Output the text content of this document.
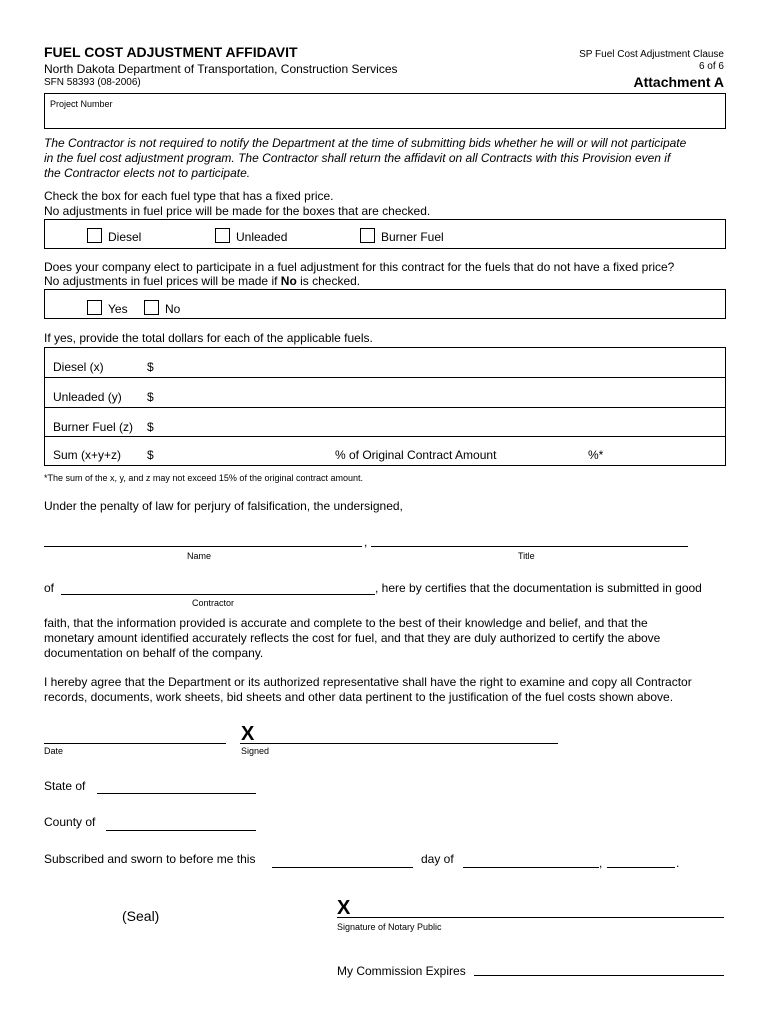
FUEL COST ADJUSTMENT AFFIDAVIT
North Dakota Department of Transportation, Construction Services
SFN 58393 (08-2006)
SP Fuel Cost Adjustment Clause
6 of 6
Attachment A
Project Number
The Contractor is not required to notify the Department at the time of submitting bids whether he will or will not participate
in the fuel cost adjustment program. The Contractor shall return the affidavit on all Contracts with this Provision even if
the Contractor elects not to participate.
Check the box for each fuel type that has a fixed price.
No adjustments in fuel price will be made for the boxes that are checked.
Diesel	Unleaded	Burner Fuel
Does your company elect to participate in a fuel adjustment for this contract for the fuels that do not have a fixed price?
No adjustments in fuel prices will be made if No is checked.
Yes	No
If yes, provide the total dollars for each of the applicable fuels.
Diesel (x)	$
Unleaded (y) $
Burner Fuel (z) $
Sum (x+y+z) $	% of Original Contract Amount	%*
*The sum of the x, y, and z may not exceed 15% of the original contract amount.
Under the penalty of law for perjury of falsification, the undersigned,
,
Name	Title
of	, here by certifies that the documentation is submitted in good
Contractor
faith, that the information provided is accurate and complete to the best of their knowledge and belief, and that the
monetary amount identified accurately reflects the cost for fuel, and that they are duly authorized to certify the above
documentation on behalf of the company.
I hereby agree that the Department or its authorized representative shall have the right to examine and copy all Contractor
records, documents, work sheets, bid sheets and other data pertinent to the justification of the fuel costs shown above.
X
Date	Signed
State of
County of
Subscribed and sworn to before me this	day of	,	.
(Seal)	X
Signature of Notary Public
My Commission Expires
